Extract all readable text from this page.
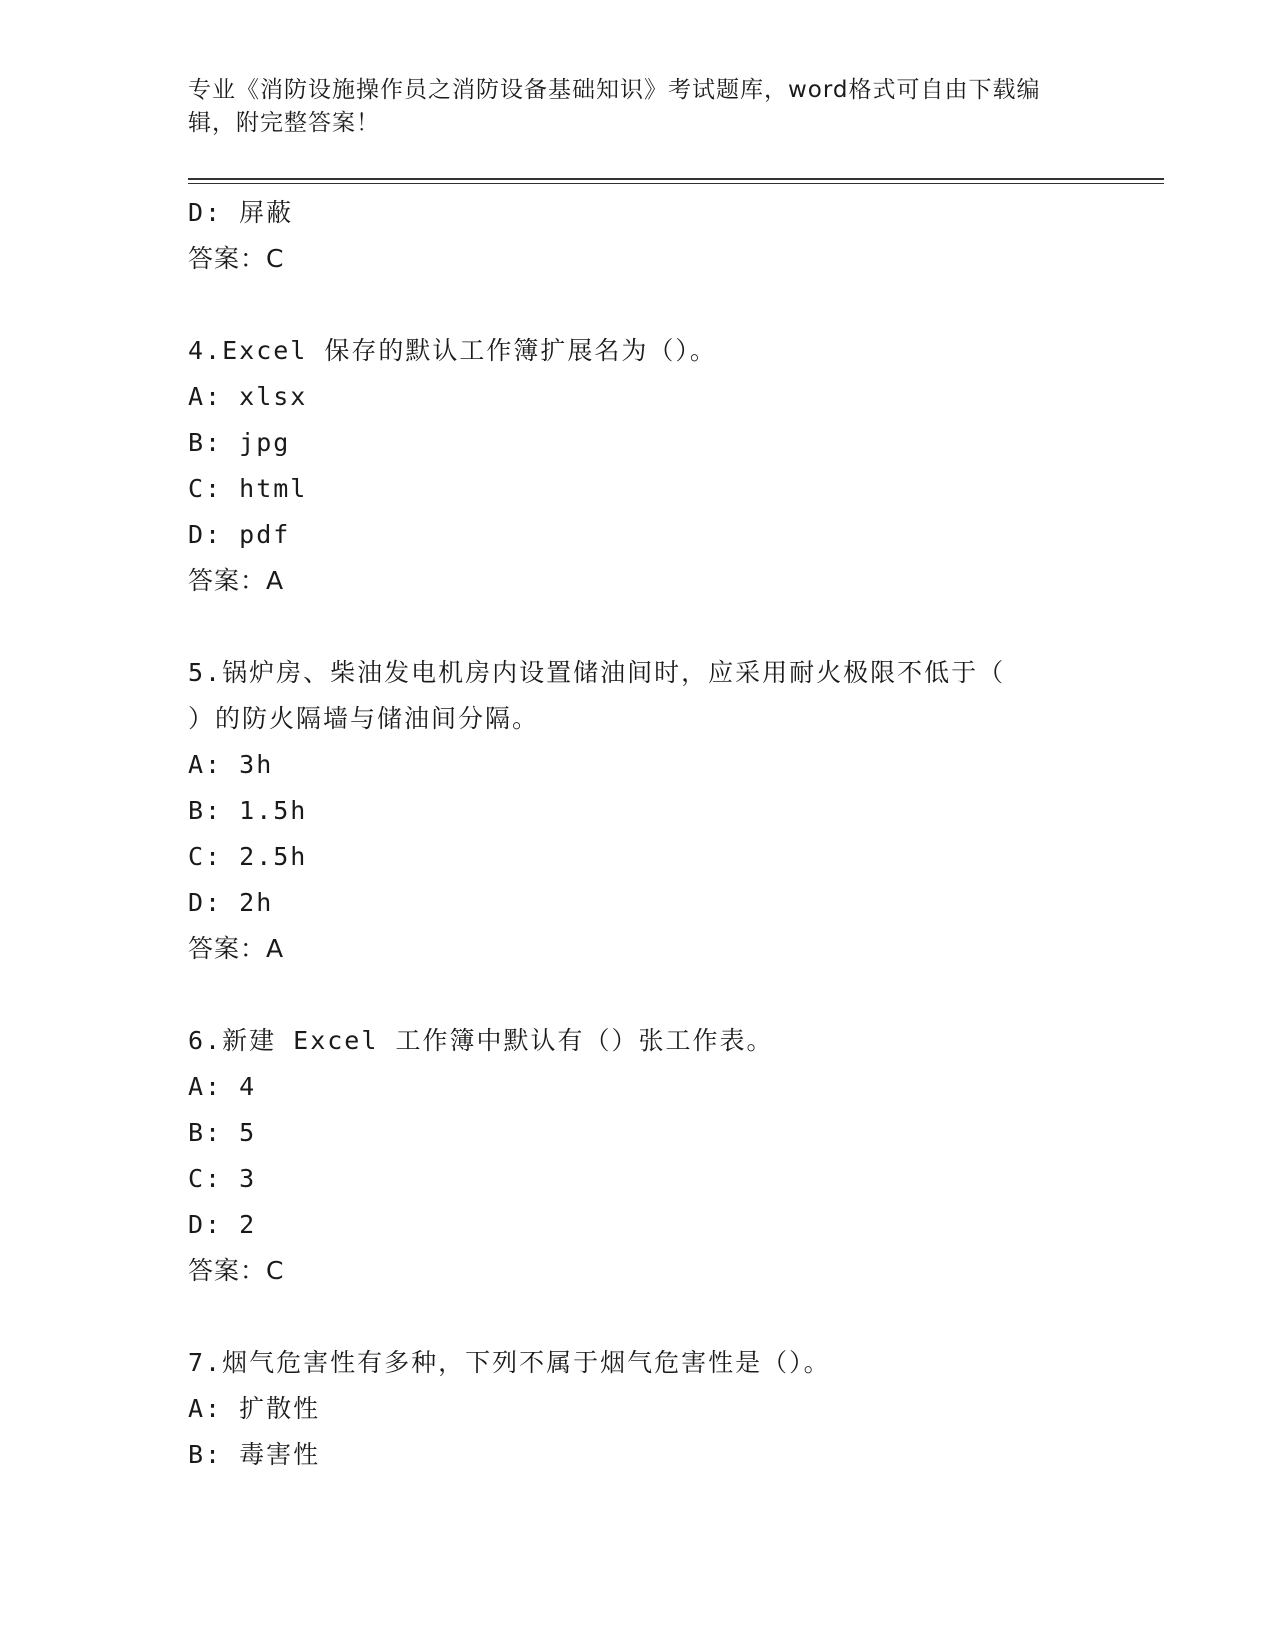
专业《消防设施操作员之消防设备基础知识》考试题库，word格式可自由下载编
辑，附完整答案！
D: 屏蔽
答案：C
4.Excel 保存的默认工作簿扩展名为（）。
A: xlsx
B: jpg
C: html
D: pdf
答案：A
5.锅炉房、柴油发电机房内设置储油间时，应采用耐火极限不低于（
）的防火隔墙与储油间分隔。
A: 3h
B: 1.5h
C: 2.5h
D: 2h
答案：A
6.新建 Excel 工作簿中默认有（）张工作表。
A: 4
B: 5
C: 3
D: 2
答案：C
7.烟气危害性有多种，下列不属于烟气危害性是（）。
A: 扩散性
B: 毒害性
